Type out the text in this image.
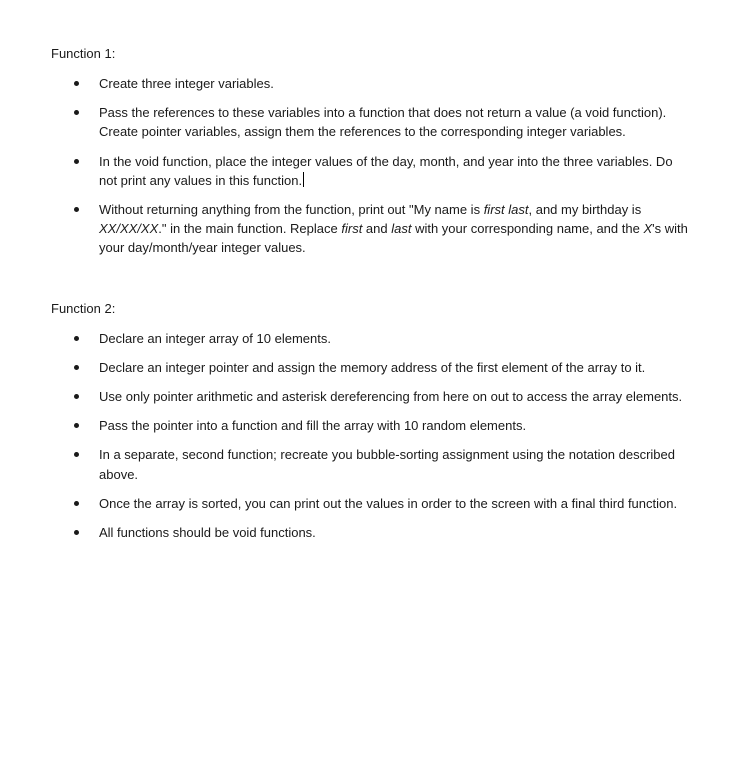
Function 1:

Create three integer variables.
Pass the references to these variables into a function that does not return a value (a void function). Create pointer variables, assign them the references to the corresponding integer variables.
In the void function, place the integer values of the day, month, and year into the three variables. Do not print any values in this function.
Without returning anything from the function, print out "My name is first last, and my birthday is XX/XX/XX." in the main function. Replace first and last with your corresponding name, and the X's with your day/month/year integer values.

Function 2:

Declare an integer array of 10 elements.
Declare an integer pointer and assign the memory address of the first element of the array to it.
Use only pointer arithmetic and asterisk dereferencing from here on out to access the array elements.
Pass the pointer into a function and fill the array with 10 random elements.
In a separate, second function; recreate you bubble-sorting assignment using the notation described above.
Once the array is sorted, you can print out the values in order to the screen with a final third function.
All functions should be void functions.
